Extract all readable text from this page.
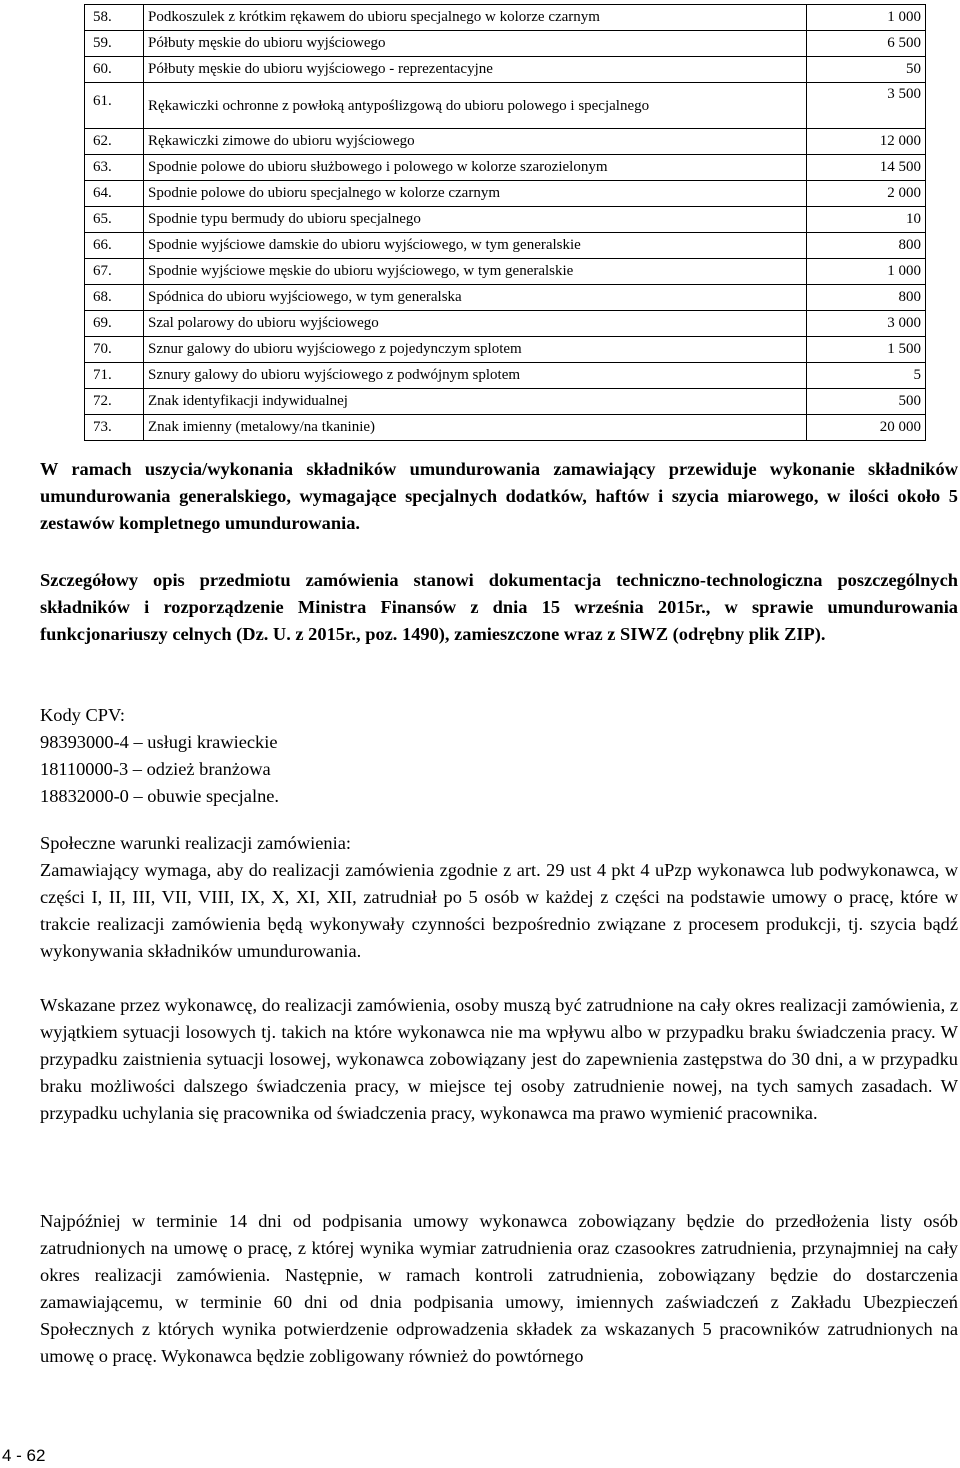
58.	Podkoszulek z krótkim rękawem do ubioru specjalnego w kolorze czarnym	1 000
59.	Półbuty męskie do ubioru wyjściowego	6 500
60.	Półbuty męskie do ubioru wyjściowego - reprezentacyjne	50
61.	Rękawiczki ochronne z powłoką antypoślizgową do ubioru polowego i specjalnego	3 500
62.	Rękawiczki zimowe do ubioru wyjściowego	12 000
63.	Spodnie polowe do ubioru służbowego i polowego w kolorze szarozielonym	14 500
64.	Spodnie polowe do ubioru specjalnego w kolorze czarnym	2 000
65.	Spodnie typu bermudy do ubioru specjalnego	10
66.	Spodnie wyjściowe damskie do ubioru wyjściowego, w tym generalskie	800
67.	Spodnie wyjściowe męskie do ubioru wyjściowego, w tym generalskie	1 000
68.	Spódnica do ubioru wyjściowego, w tym generalska	800
69.	Szal polarowy do ubioru wyjściowego	3 000
70.	Sznur galowy do ubioru wyjściowego z pojedynczym splotem	1 500
71.	Sznury galowy do ubioru wyjściowego z podwójnym splotem	5
72.	Znak identyfikacji indywidualnej	500
73.	Znak imienny (metalowy/na tkaninie)	20 000
W ramach uszycia/wykonania składników umundurowania zamawiający przewiduje wykonanie składników umundurowania generalskiego, wymagające specjalnych dodatków, haftów i szycia miarowego, w ilości około 5 zestawów kompletnego umundurowania.
Szczegółowy opis przedmiotu zamówienia stanowi dokumentacja techniczno-technologiczna poszczególnych składników i rozporządzenie Ministra Finansów z dnia 15 września 2015r., w sprawie umundurowania funkcjonariuszy celnych (Dz. U. z 2015r., poz. 1490), zamieszczone wraz z SIWZ (odrębny plik ZIP).
Kody CPV:
98393000-4 – usługi krawieckie
18110000-3 – odzież branżowa
18832000-0 – obuwie specjalne.
Społeczne warunki realizacji zamówienia:
Zamawiający wymaga, aby do realizacji zamówienia zgodnie z art. 29 ust 4 pkt 4 uPzp wykonawca lub podwykonawca, w części I, II, III, VII, VIII, IX, X, XI, XII, zatrudniał po 5 osób w każdej z części na podstawie umowy o pracę, które w trakcie realizacji zamówienia będą wykonywały czynności bezpośrednio związane z procesem produkcji, tj. szycia bądź wykonywania składników umundurowania.
Wskazane przez wykonawcę, do realizacji zamówienia, osoby muszą być zatrudnione na cały okres realizacji zamówienia, z wyjątkiem sytuacji losowych tj. takich na które wykonawca nie ma wpływu albo w przypadku braku świadczenia pracy. W przypadku zaistnienia sytuacji losowej, wykonawca zobowiązany jest do zapewnienia zastępstwa do 30 dni, a w przypadku braku możliwości dalszego świadczenia pracy, w miejsce tej osoby zatrudnienie nowej, na tych samych zasadach. W przypadku uchylania się pracownika od świadczenia pracy, wykonawca ma prawo wymienić pracownika.
Najpóźniej w terminie 14 dni od podpisania umowy wykonawca zobowiązany będzie do przedłożenia listy osób zatrudnionych na umowę o pracę, z której wynika wymiar zatrudnienia oraz czasookres zatrudnienia, przynajmniej na cały okres realizacji zamówienia. Następnie, w ramach kontroli zatrudnienia, zobowiązany będzie do dostarczenia zamawiającemu, w terminie 60 dni od dnia podpisania umowy, imiennych zaświadczeń z Zakładu Ubezpieczeń Społecznych z których wynika potwierdzenie odprowadzenia składek za wskazanych 5 pracowników zatrudnionych na umowę o pracę. Wykonawca będzie zobligowany również do powtórnego
4 - 62
